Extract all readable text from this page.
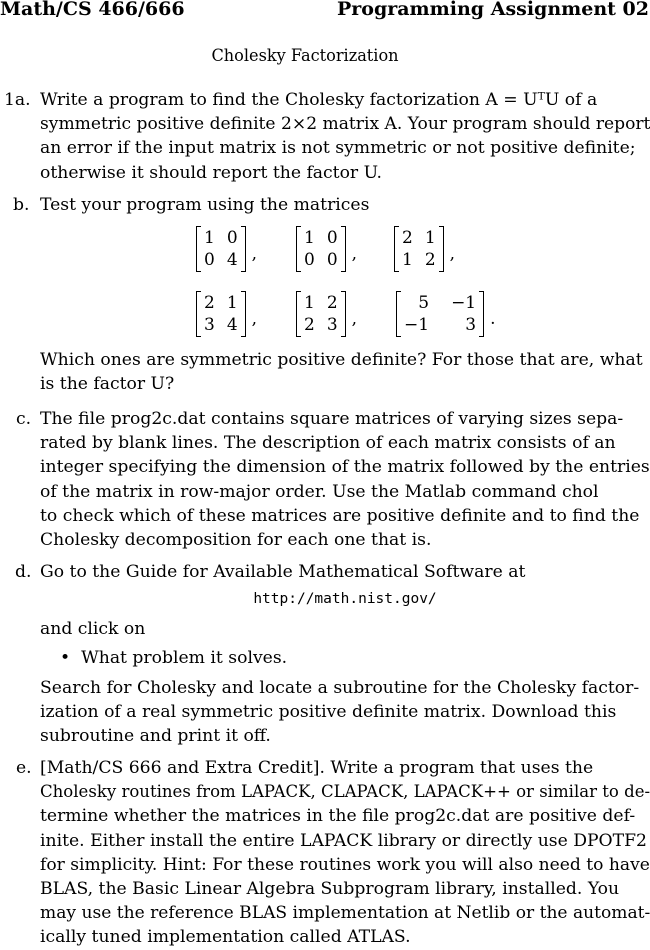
Math/CS 466/666	Programming Assignment 02
Cholesky Factorization
1a. Write a program to find the Cholesky factorization A = UᵀU of a
symmetric positive definite 2×2 matrix A. Your program should report
an error if the input matrix is not symmetric or not positive definite;
otherwise it should report the factor U.
b. Test your program using the matrices
1 0
0 4 ,
1 0
0 0 ,
2 1
1 2 ,
2 1
3 4 ,
1 2
2 3 ,
5 −1
−1	3 .
Which ones are symmetric positive definite? For those that are, what
is the factor U?
c. The file prog2c.dat contains square matrices of varying sizes sepa-
rated by blank lines. The description of each matrix consists of an
integer specifying the dimension of the matrix followed by the entries
of the matrix in row-major order. Use the Matlab command chol
to check which of these matrices are positive definite and to find the
Cholesky decomposition for each one that is.
d. Go to the Guide for Available Mathematical Software at
http://math.nist.gov/
and click on
• What problem it solves.
Search for Cholesky and locate a subroutine for the Cholesky factor-
ization of a real symmetric positive definite matrix. Download this
subroutine and print it off.
e. [Math/CS 666 and Extra Credit]. Write a program that uses the
Cholesky routines from LAPACK, CLAPACK, LAPACK++ or similar to de-
termine whether the matrices in the file prog2c.dat are positive def-
inite. Either install the entire LAPACK library or directly use DPOTF2
for simplicity. Hint: For these routines work you will also need to have
BLAS, the Basic Linear Algebra Subprogram library, installed. You
may use the reference BLAS implementation at Netlib or the automat-
ically tuned implementation called ATLAS.
